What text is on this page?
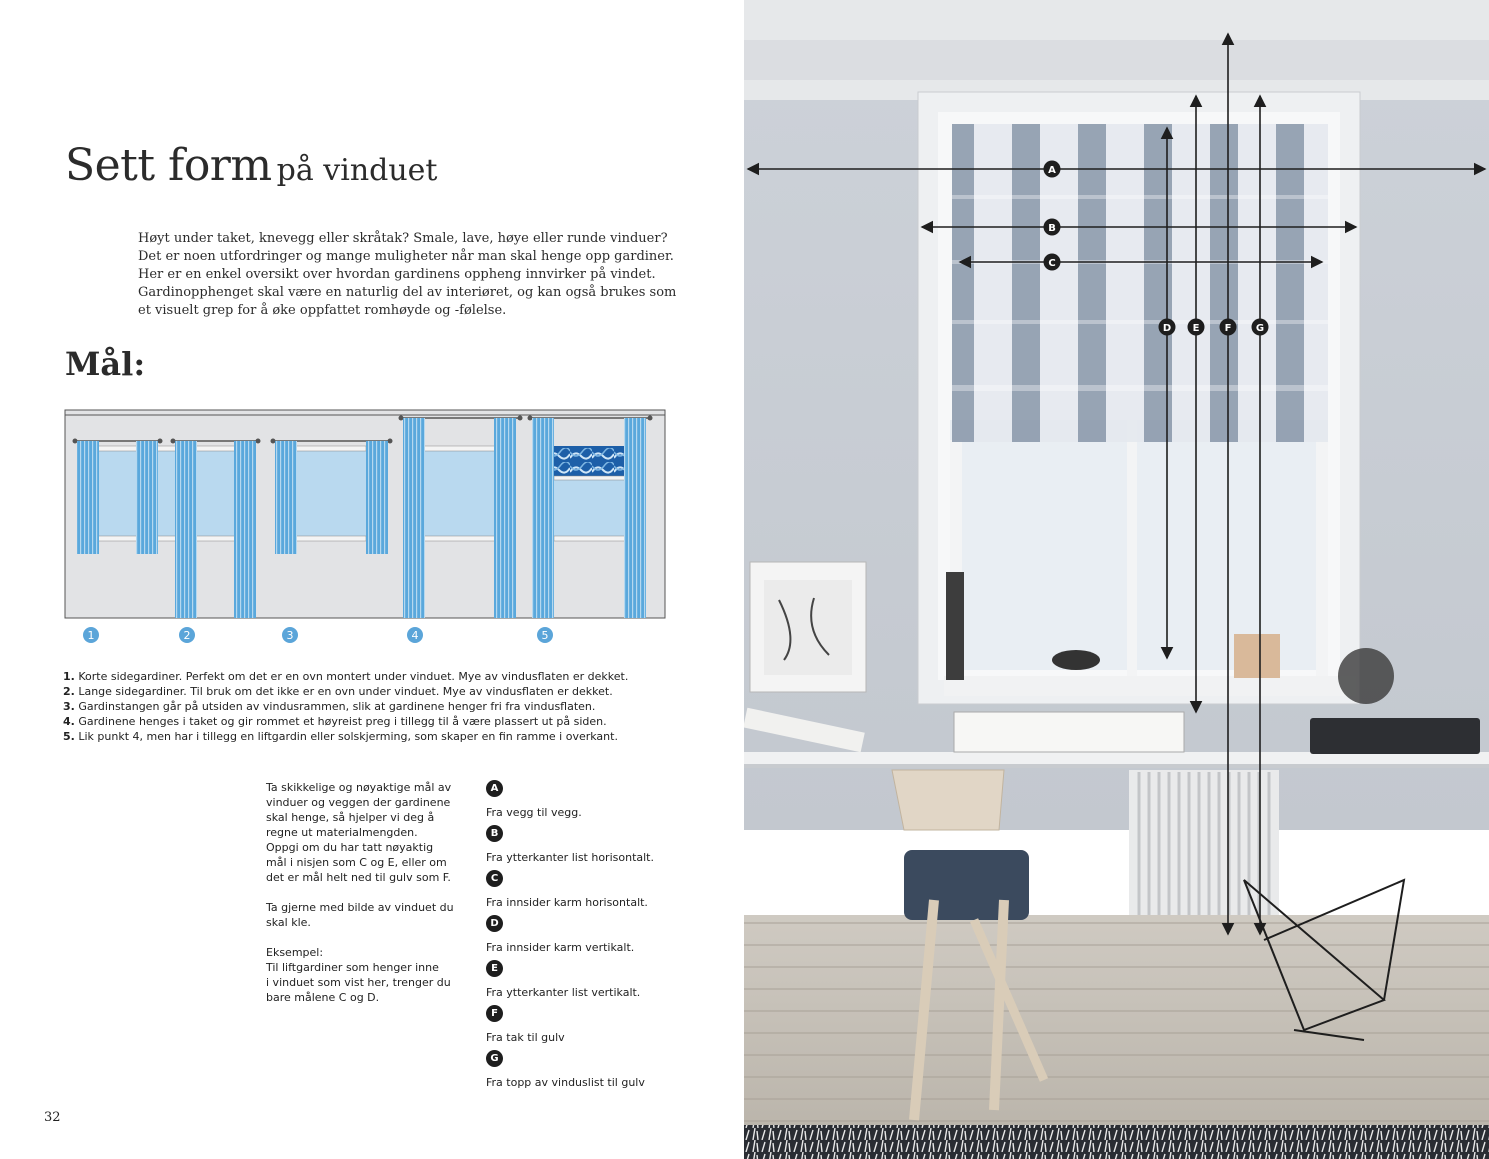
Sett form på vinduet
Høyt under taket, knevegg eller skråtak? Smale, lave, høye eller runde vinduer?
Det er noen utfordringer og mange muligheter når man skal henge opp gardiner.
Her er en enkel oversikt over hvordan gardinens oppheng innvirker på vindet.
Gardinopphenget skal være en naturlig del av interiøret, og kan også brukes som
et visuelt grep for å øke oppfattet romhøyde og -følelse.
Mål:
1	2	3	4	5
1. Korte sidegardiner. Perfekt om det er en ovn montert under vinduet. Mye av vindusflaten er dekket.
2. Lange sidegardiner. Til bruk om det ikke er en ovn under vinduet. Mye av vindusflaten er dekket.
3. Gardinstangen går på utsiden av vindusrammen, slik at gardinene henger fri fra vindusflaten.
4. Gardinene henges i taket og gir rommet et høyreist preg i tillegg til å være plassert ut på siden.
5. Lik punkt 4, men har i tillegg en liftgardin eller solskjerming, som skaper en fin ramme i overkant.

Ta skikkelige og nøyaktige mål av
vinduer og veggen der gardinene
skal henge, så hjelper vi deg å
regne ut materialmengden.
Oppgi om du har tatt nøyaktig
mål i nisjen som C og E, eller om
det er mål helt ned til gulv som F.

Ta gjerne med bilde av vinduet du
skal kle.

Eksempel:
Til liftgardiner som henger inne
i vinduet som vist her, trenger du
bare målene C og D.

A
Fra vegg til vegg.
B
Fra ytterkanter list horisontalt.
C
Fra innsider karm horisontalt.
D
Fra innsider karm vertikalt.
E
Fra ytterkanter list vertikalt.
F
Fra tak til gulv
G
Fra topp av vinduslist til gulv
32
A
B
C
D E	F G
